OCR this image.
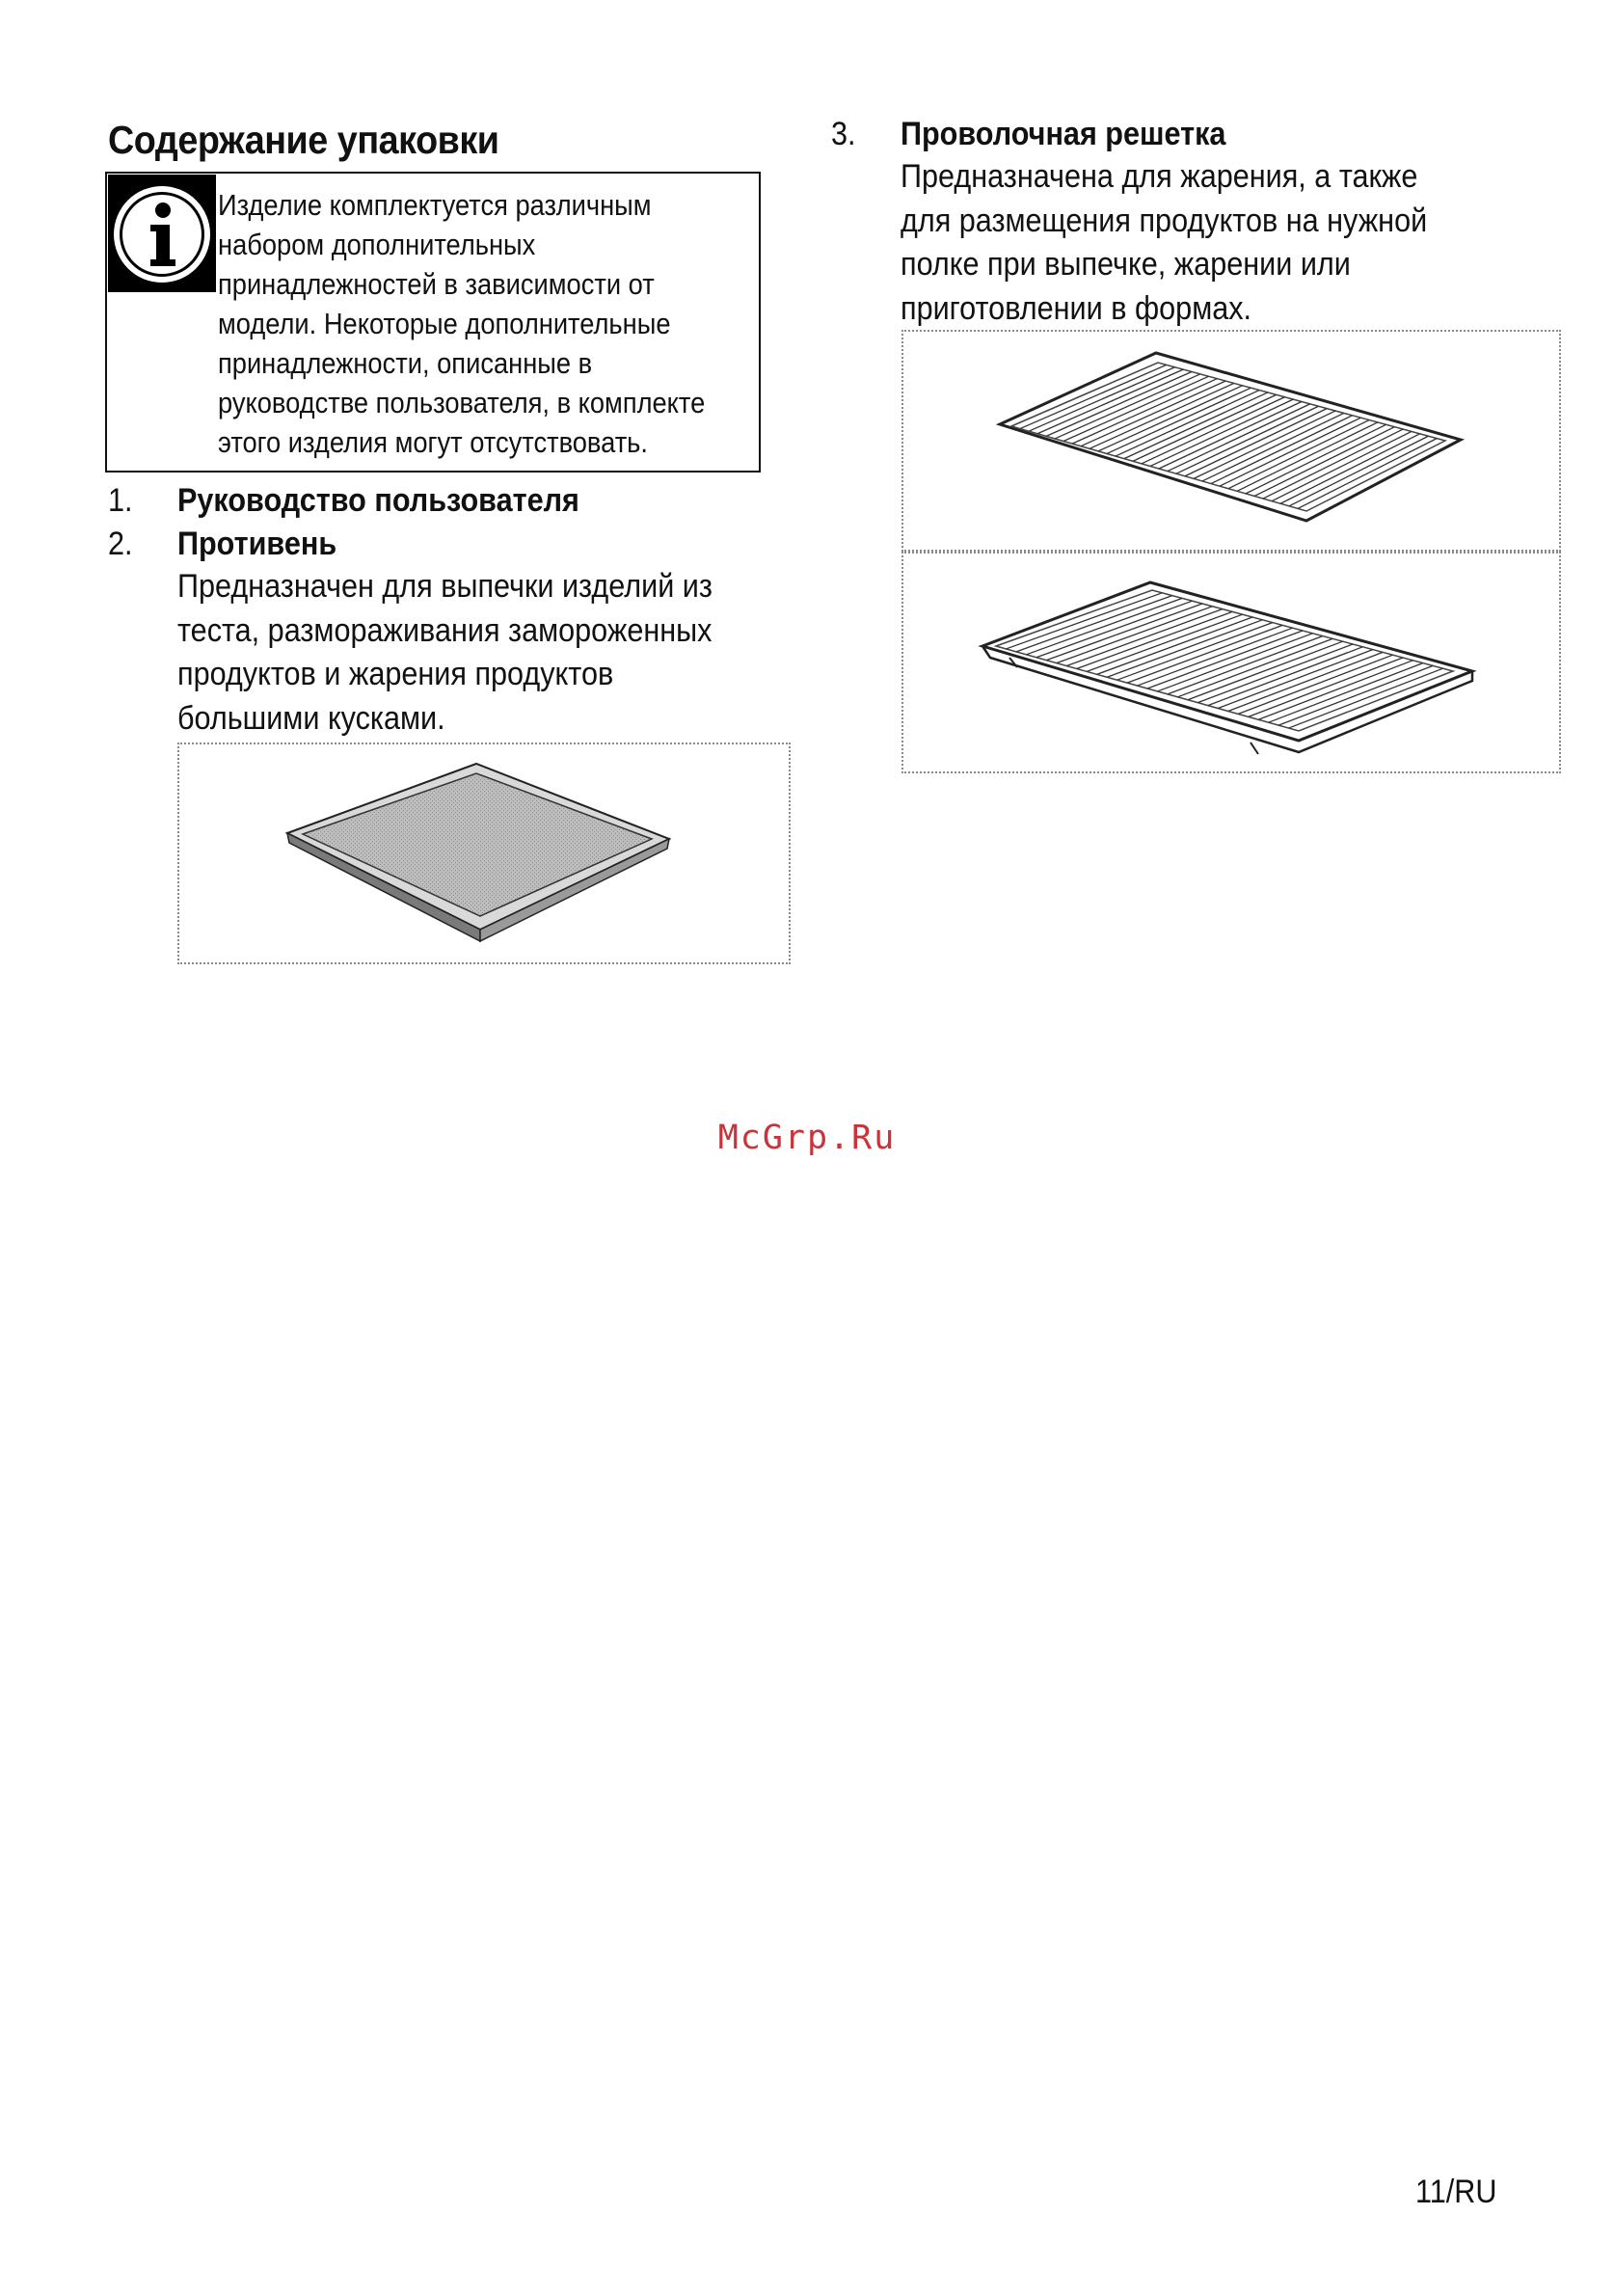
Содержание упаковки
Изделие комплектуется различным
набором дополнительных
принадлежностей в зависимости от
модели. Некоторые дополнительные
принадлежности, описанные в
руководстве пользователя, в комплекте
этого изделия могут отсутствовать.
1. Руководство пользователя
2. Противень
Предназначен для выпечки изделий из
теста, размораживания замороженных
продуктов и жарения продуктов
большими кусками.
3. Проволочная решетка
Предназначена для жарения, а также
для размещения продуктов на нужной
полке при выпечке, жарении или
приготовлении в формах.
McGrp.Ru
11/RU
